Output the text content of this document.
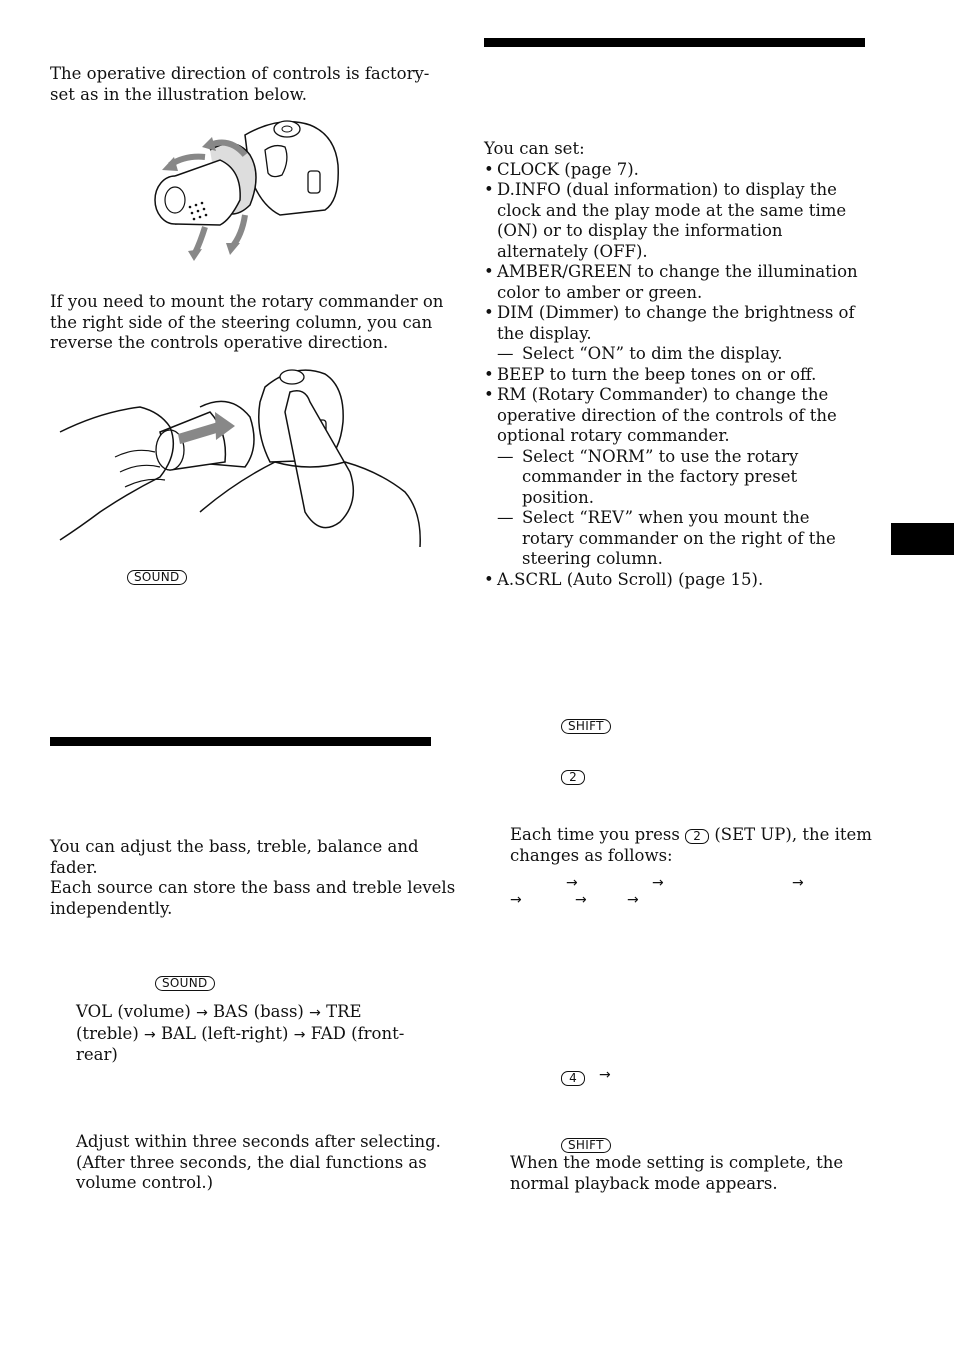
The operative direction of controls is factory-
set as in the illustration below.

If you need to mount the rotary commander on
the right side of the steering column, you can
reverse the controls operative direction.

SOUND

You can adjust the bass, treble, balance and
fader.
Each source can store the bass and treble levels
independently.

SOUND

VOL (volume) → BAS (bass) → TRE
(treble) → BAL (left-right) → FAD (front-
rear)

Adjust within three seconds after selecting.
(After three seconds, the dial functions as
volume control.)

You can set:
• CLOCK (page 7).
• D.INFO (dual information) to display the
clock and the play mode at the same time
(ON) or to display the information
alternately (OFF).
• AMBER/GREEN to change the illumination
color to amber or green.
• DIM (Dimmer) to change the brightness of
the display.
— Select “ON” to dim the display.
• BEEP to turn the beep tones on or off.
• RM (Rotary Commander) to change the
operative direction of the controls of the
optional rotary commander.
— Select “NORM” to use the rotary
commander in the factory preset
position.
— Select “REV” when you mount the
rotary commander on the right of the
steering column.
• A.SCRL (Auto Scroll) (page 15).
SHIFT
2

Each time you press 2 (SET UP), the item
changes as follows:

→	→	→
→	→	→
4	→
SHIFT

When the mode setting is complete, the
normal playback mode appears.
